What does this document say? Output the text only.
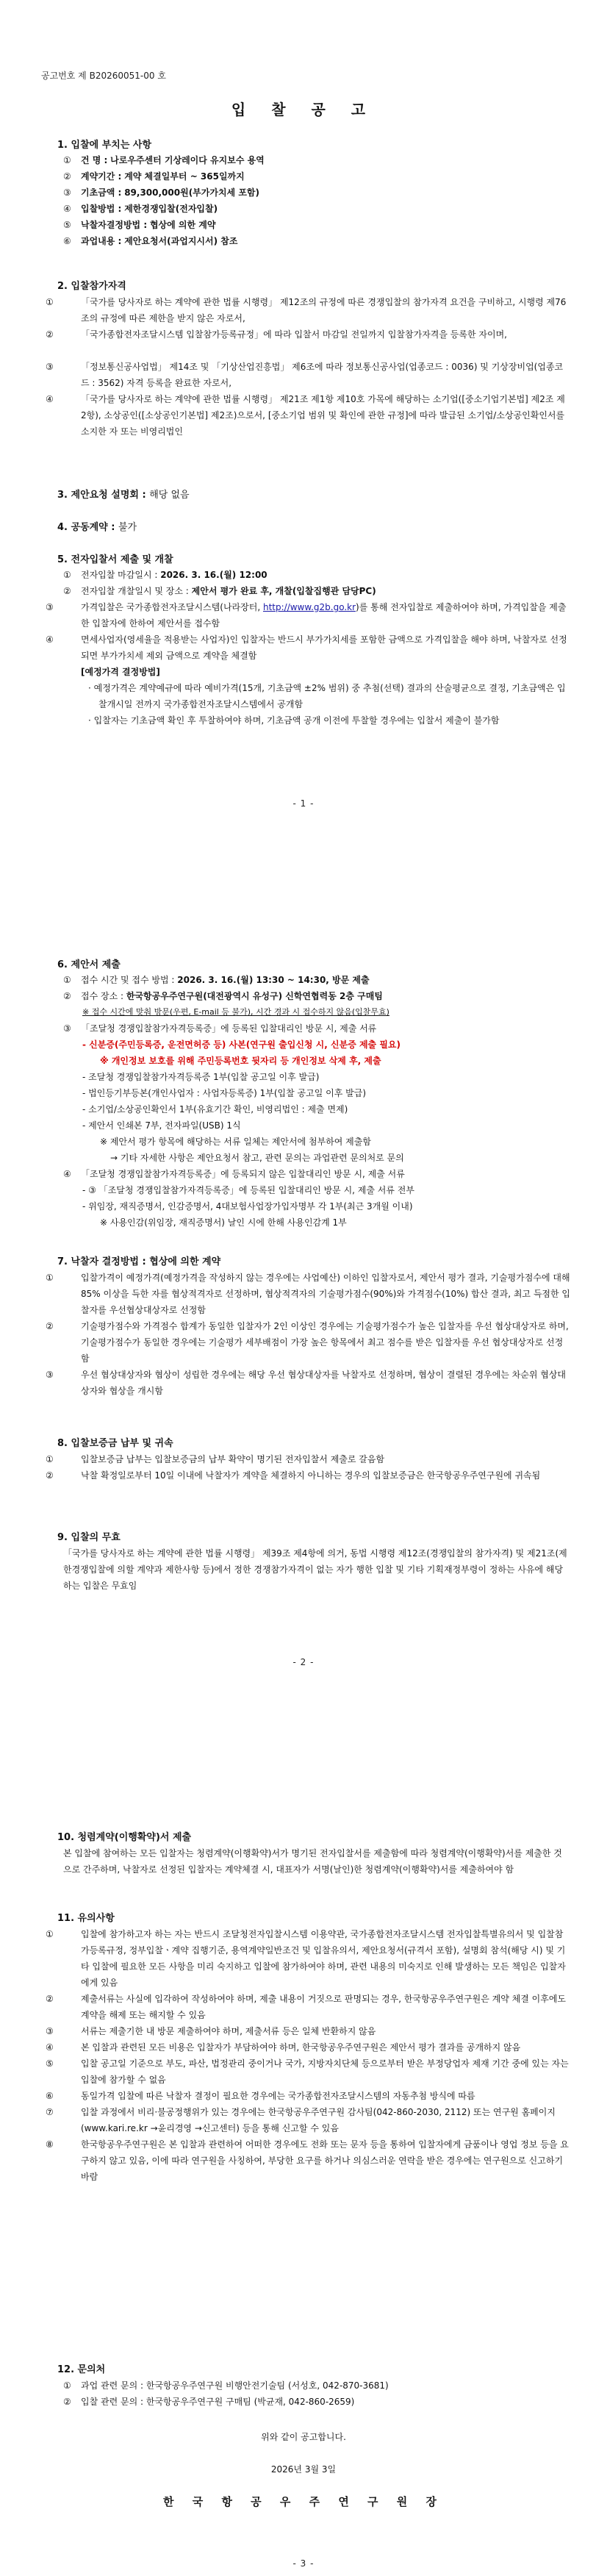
공고번호 제 B20260051-00 호
입 찰 공 고
1. 입찰에 부치는 사항
① 건 명 : 나로우주센터 기상레이다 유지보수 용역
② 계약기간 : 계약 체결일부터 ~ 365일까지
③ 기초금액 : 89,300,000원(부가가치세 포함)
④ 입찰방법 : 제한경쟁입찰(전자입찰)
⑤ 낙찰자결정방법 : 협상에 의한 계약
⑥ 과업내용 : 제안요청서(과업지시서) 참조
2. 입찰참가자격
①	「국가를 당사자로 하는 계약에 관한 법률 시행령」 제12조의 규정에 따른 경쟁입찰의 참가자격 요건을 구비하고, 시행령 제76조의 규정에 따른 제한을 받지 않은 자로서,
②	「국가종합전자조달시스템 입찰참가등록규정」에 따라 입찰서 마감일 전일까지 입찰참가자격을 등록한 자이며,
③	「정보통신공사업법」 제14조 및 「기상산업진흥법」 제6조에 따라 정보통신공사업(업종코드 : 0036) 및 기상장비업(업종코드 : 3562) 자격 등록을 완료한 자로서,
④	「국가를 당사자로 하는 계약에 관한 법률 시행령」 제21조 제1항 제10호 가목에 해당하는 소기업([중소기업기본법] 제2조 제2항), 소상공인([소상공인기본법] 제2조)으로서, [중소기업 범위 및 확인에 관한 규정]에 따라 발급된 소기업/소상공인확인서를 소지한 자 또는 비영리법인
3. 제안요청 설명회 : 해당 없음
4. 공동계약 : 불가
5. 전자입찰서 제출 및 개찰
① 전자입찰 마감일시 : 2026. 3. 16.(월) 12:00
② 전자입찰 개찰일시 및 장소 : 제안서 평가 완료 후, 개찰(입찰집행관 담당PC)
③	가격입찰은 국가종합전자조달시스템(나라장터, http://www.g2b.go.kr)를 통해 전자입찰로 제출하여야 하며, 가격입찰을 제출한 입찰자에 한하여 제안서를 접수함
④	면세사업자(영세율을 적용받는 사업자)인 입찰자는 반드시 부가가치세를 포함한 금액으로 가격입찰을 해야 하며, 낙찰자로 선정되면 부가가치세 제외 금액으로 계약을 체결함
[예정가격 결정방법]
· 예정가격은 계약예규에 따라 예비가격(15개, 기초금액 ±2% 범위) 중 추첨(선택) 결과의 산술평균으로 결정, 기초금액은 입찰개시일 전까지 국가종합전자조달시스템에서 공개함
· 입찰자는 기초금액 확인 후 투찰하여야 하며, 기초금액 공개 이전에 투찰할 경우에는 입찰서 제출이 불가함
- 1 -
6. 제안서 제출
① 접수 시간 및 접수 방법 : 2026. 3. 16.(월) 13:30 ~ 14:30, 방문 제출
② 접수 장소 : 한국항공우주연구원(대전광역시 유성구) 신학연협력동 2층 구매팀
※ 접수 시간에 맞춰 방문(우편, E-mail 등 불가), 시간 경과 시 접수하지 않음(입찰무효)
③ 「조달청 경쟁입찰참가자격등록증」에 등록된 입찰대리인 방문 시, 제출 서류
- 신분증(주민등록증, 운전면허증 등) 사본(연구원 출입신청 시, 신분증 제출 필요)
※ 개인정보 보호를 위해 주민등록번호 뒷자리 등 개인정보 삭제 후, 제출
- 조달청 경쟁입찰참가자격등록증 1부(입찰 공고일 이후 발급)
- 법인등기부등본(개인사업자 : 사업자등록증) 1부(입찰 공고일 이후 발급)
- 소기업/소상공인확인서 1부(유효기간 확인, 비영리법인 : 제출 면제)
- 제안서 인쇄본 7부, 전자파일(USB) 1식
※ 제안서 평가 항목에 해당하는 서류 일체는 제안서에 첨부하여 제출함
→ 기타 자세한 사항은 제안요청서 참고, 관련 문의는 과업관련 문의처로 문의
④ 「조달청 경쟁입찰참가자격등록증」에 등록되지 않은 입찰대리인 방문 시, 제출 서류
- ③ 「조달청 경쟁입찰참가자격등록증」에 등록된 입찰대리인 방문 시, 제출 서류 전부
- 위임장, 재직증명서, 인감증명서, 4대보험사업장가입자명부 각 1부(최근 3개월 이내)
※ 사용인감(위임장, 재직증명서) 날인 시에 한해 사용인감계 1부
7. 낙찰자 결정방법 : 협상에 의한 계약
①	입찰가격이 예정가격(예정가격을 작성하지 않는 경우에는 사업예산) 이하인 입찰자로서, 제안서 평가 결과, 기술평가점수에 대해 85% 이상을 득한 자를 협상적격자로 선정하며, 협상적격자의 기술평가점수(90%)와 가격점수(10%) 합산 결과, 최고 득점한 입찰자를 우선협상대상자로 선정함
②	기술평가점수와 가격점수 합계가 동일한 입찰자가 2인 이상인 경우에는 기술평가점수가 높은 입찰자를 우선 협상대상자로 하며, 기술평가점수가 동일한 경우에는 기술평가 세부배점이 가장 높은 항목에서 최고 점수를 받은 입찰자를 우선 협상대상자로 선정함
③	우선 협상대상자와 협상이 성립한 경우에는 해당 우선 협상대상자를 낙찰자로 선정하며, 협상이 결렬된 경우에는 차순위 협상대상자와 협상을 개시함
8. 입찰보증금 납부 및 귀속
①	입찰보증금 납부는 입찰보증금의 납부 확약이 명기된 전자입찰서 제출로 갈음함
②	낙찰 확정일로부터 10일 이내에 낙찰자가 계약을 체결하지 아니하는 경우의 입찰보증금은 한국항공우주연구원에 귀속됨
9. 입찰의 무효
「국가를 당사자로 하는 계약에 관한 법률 시행령」 제39조 제4항에 의거, 동법 시행령 제12조(경쟁입찰의 참가자격) 및 제21조(제한경쟁입찰에 의할 계약과 제한사항 등)에서 정한 경쟁참가자격이 없는 자가 행한 입찰 및 기타 기획재정부령이 정하는 사유에 해당하는 입찰은 무효임
- 2 -
10. 청렴계약(이행확약)서 제출
본 입찰에 참여하는 모든 입찰자는 청렴계약(이행확약)서가 명기된 전자입찰서를 제출함에 따라 청렴계약(이행확약)서를 제출한 것으로 간주하며, 낙찰자로 선정된 입찰자는 계약체결 시, 대표자가 서명(날인)한 청렴계약(이행확약)서를 제출하여야 함
11. 유의사항
①	입찰에 참가하고자 하는 자는 반드시 조달청전자입찰시스템 이용약관, 국가종합전자조달시스템 전자입찰특별유의서 및 입찰참가등록규정, 정부입찰ㆍ계약 집행기준, 용역계약일반조건 및 입찰유의서, 제안요청서(규격서 포함), 설명회 참석(해당 시) 및 기타 입찰에 필요한 모든 사항을 미리 숙지하고 입찰에 참가하여야 하며, 관련 내용의 미숙지로 인해 발생하는 모든 책임은 입찰자에게 있음
②	제출서류는 사실에 입각하여 작성하여야 하며, 제출 내용이 거짓으로 판명되는 경우, 한국항공우주연구원은 계약 체결 이후에도 계약을 해제 또는 해지할 수 있음
③	서류는 제출기한 내 방문 제출하여야 하며, 제출서류 등은 일체 반환하지 않음
④	본 입찰과 관련된 모든 비용은 입찰자가 부담하여야 하며, 한국항공우주연구원은 제안서 평가 결과를 공개하지 않음
⑤	입찰 공고일 기준으로 부도, 파산, 법정관리 중이거나 국가, 지방자치단체 등으로부터 받은 부정당업자 제재 기간 중에 있는 자는 입찰에 참가할 수 없음
⑥	동일가격 입찰에 따른 낙찰자 결정이 필요한 경우에는 국가종합전자조달시스템의 자동추첨 방식에 따름
⑦	입찰 과정에서 비리·불공정행위가 있는 경우에는 한국항공우주연구원 감사팀(042-860-2030, 2112) 또는 연구원 홈페이지(www.kari.re.kr →윤리경영 →신고센터) 등을 통해 신고할 수 있음
⑧	한국항공우주연구원은 본 입찰과 관련하여 어떠한 경우에도 전화 또는 문자 등을 통하여 입찰자에게 금품이나 영업 정보 등을 요구하지 않고 있음, 이에 따라 연구원을 사칭하여, 부당한 요구를 하거나 의심스러운 연락을 받은 경우에는 연구원으로 신고하기 바람
12. 문의처
① 과업 관련 문의 : 한국항공우주연구원 비행안전기술팀 (서성호, 042-870-3681)
② 입찰 관련 문의 : 한국항공우주연구원 구매팀 (박균재, 042-860-2659)
위와 같이 공고합니다.
2026년 3월 3일
한 국 항 공 우 주 연 구 원 장
- 3 -
